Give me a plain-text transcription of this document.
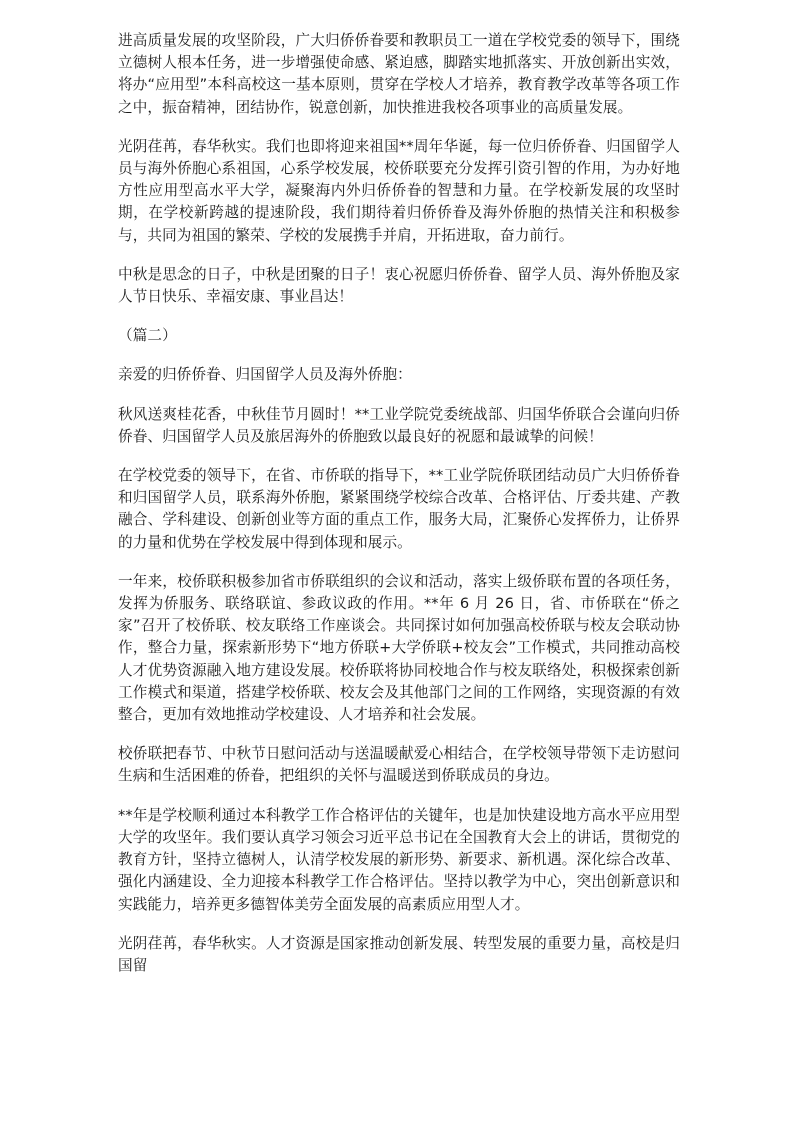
进高质量发展的攻坚阶段，广大归侨侨眷要和教职员工一道在学校党委的领导下，围绕立德树人根本任务，进一步增强使命感、紧迫感，脚踏实地抓落实、开放创新出实效，将办“应用型”本科高校这一基本原则，贯穿在学校人才培养，教育教学改革等各项工作之中，振奋精神，团结协作，锐意创新，加快推进我校各项事业的高质量发展。

光阴荏苒，春华秋实。我们也即将迎来祖国**周年华诞，每一位归侨侨眷、归国留学人员与海外侨胞心系祖国，心系学校发展，校侨联要充分发挥引资引智的作用，为办好地方性应用型高水平大学，凝聚海内外归侨侨眷的智慧和力量。在学校新发展的攻坚时期，在学校新跨越的提速阶段，我们期待着归侨侨眷及海外侨胞的热情关注和积极参与，共同为祖国的繁荣、学校的发展携手并肩，开拓进取，奋力前行。

中秋是思念的日子，中秋是团聚的日子！衷心祝愿归侨侨眷、留学人员、海外侨胞及家人节日快乐、幸福安康、事业昌达！

（篇二）

亲爱的归侨侨眷、归国留学人员及海外侨胞：

秋风送爽桂花香，中秋佳节月圆时！**工业学院党委统战部、归国华侨联合会谨向归侨侨眷、归国留学人员及旅居海外的侨胞致以最良好的祝愿和最诚挚的问候！

在学校党委的领导下，在省、市侨联的指导下，**工业学院侨联团结动员广大归侨侨眷和归国留学人员，联系海外侨胞，紧紧围绕学校综合改革、合格评估、厅委共建、产教融合、学科建设、创新创业等方面的重点工作，服务大局，汇聚侨心发挥侨力，让侨界的力量和优势在学校发展中得到体现和展示。

一年来，校侨联积极参加省市侨联组织的会议和活动，落实上级侨联布置的各项任务，发挥为侨服务、联络联谊、参政议政的作用。**年 6 月 26 日，省、市侨联在“侨之家”召开了校侨联、校友联络工作座谈会。共同探讨如何加强高校侨联与校友会联动协作，整合力量，探索新形势下“地方侨联+大学侨联+校友会”工作模式，共同推动高校人才优势资源融入地方建设发展。校侨联将协同校地合作与校友联络处，积极探索创新工作模式和渠道，搭建学校侨联、校友会及其他部门之间的工作网络，实现资源的有效整合，更加有效地推动学校建设、人才培养和社会发展。

校侨联把春节、中秋节日慰问活动与送温暖献爱心相结合，在学校领导带领下走访慰问生病和生活困难的侨眷，把组织的关怀与温暖送到侨联成员的身边。

**年是学校顺利通过本科教学工作合格评估的关键年，也是加快建设地方高水平应用型大学的攻坚年。我们要认真学习领会习近平总书记在全国教育大会上的讲话，贯彻党的教育方针，坚持立德树人，认清学校发展的新形势、新要求、新机遇。深化综合改革、强化内涵建设、全力迎接本科教学工作合格评估。坚持以教学为中心，突出创新意识和实践能力，培养更多德智体美劳全面发展的高素质应用型人才。

光阴荏苒，春华秋实。人才资源是国家推动创新发展、转型发展的重要力量，高校是归国留
